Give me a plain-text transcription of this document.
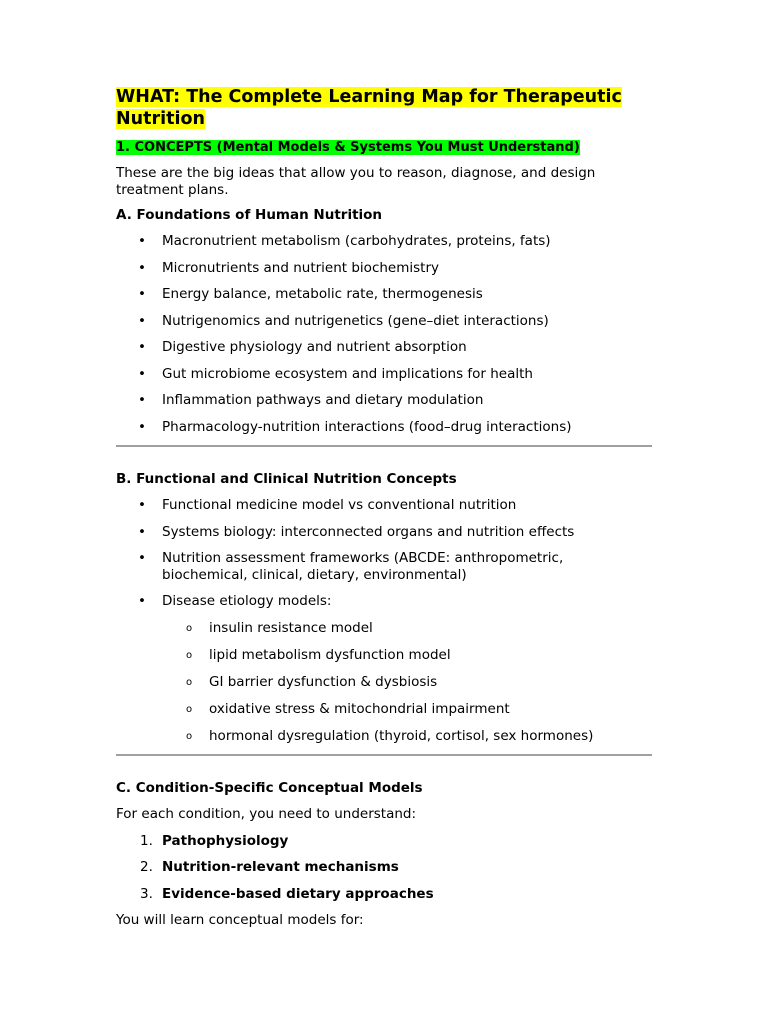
WHAT: The Complete Learning Map for Therapeutic
Nutrition
1. CONCEPTS (Mental Models & Systems You Must Understand)

These are the big ideas that allow you to reason, diagnose, and design treatment plans.

A. Foundations of Human Nutrition
• Macronutrient metabolism (carbohydrates, proteins, fats)
• Micronutrients and nutrient biochemistry
• Energy balance, metabolic rate, thermogenesis
• Nutrigenomics and nutrigenetics (gene–diet interactions)
• Digestive physiology and nutrient absorption
• Gut microbiome ecosystem and implications for health
• Inflammation pathways and dietary modulation
• Pharmacology-nutrition interactions (food–drug interactions)
B. Functional and Clinical Nutrition Concepts
• Functional medicine model vs conventional nutrition
• Systems biology: interconnected organs and nutrition effects
• Nutrition assessment frameworks (ABCDE: anthropometric, biochemical, clinical, dietary, environmental)
• Disease etiology models:
o insulin resistance model
o lipid metabolism dysfunction model
o GI barrier dysfunction & dysbiosis
o oxidative stress & mitochondrial impairment
o hormonal dysregulation (thyroid, cortisol, sex hormones)
C. Condition-Specific Conceptual Models

For each condition, you need to understand:

1. Pathophysiology
2. Nutrition-relevant mechanisms
3. Evidence-based dietary approaches

You will learn conceptual models for:
